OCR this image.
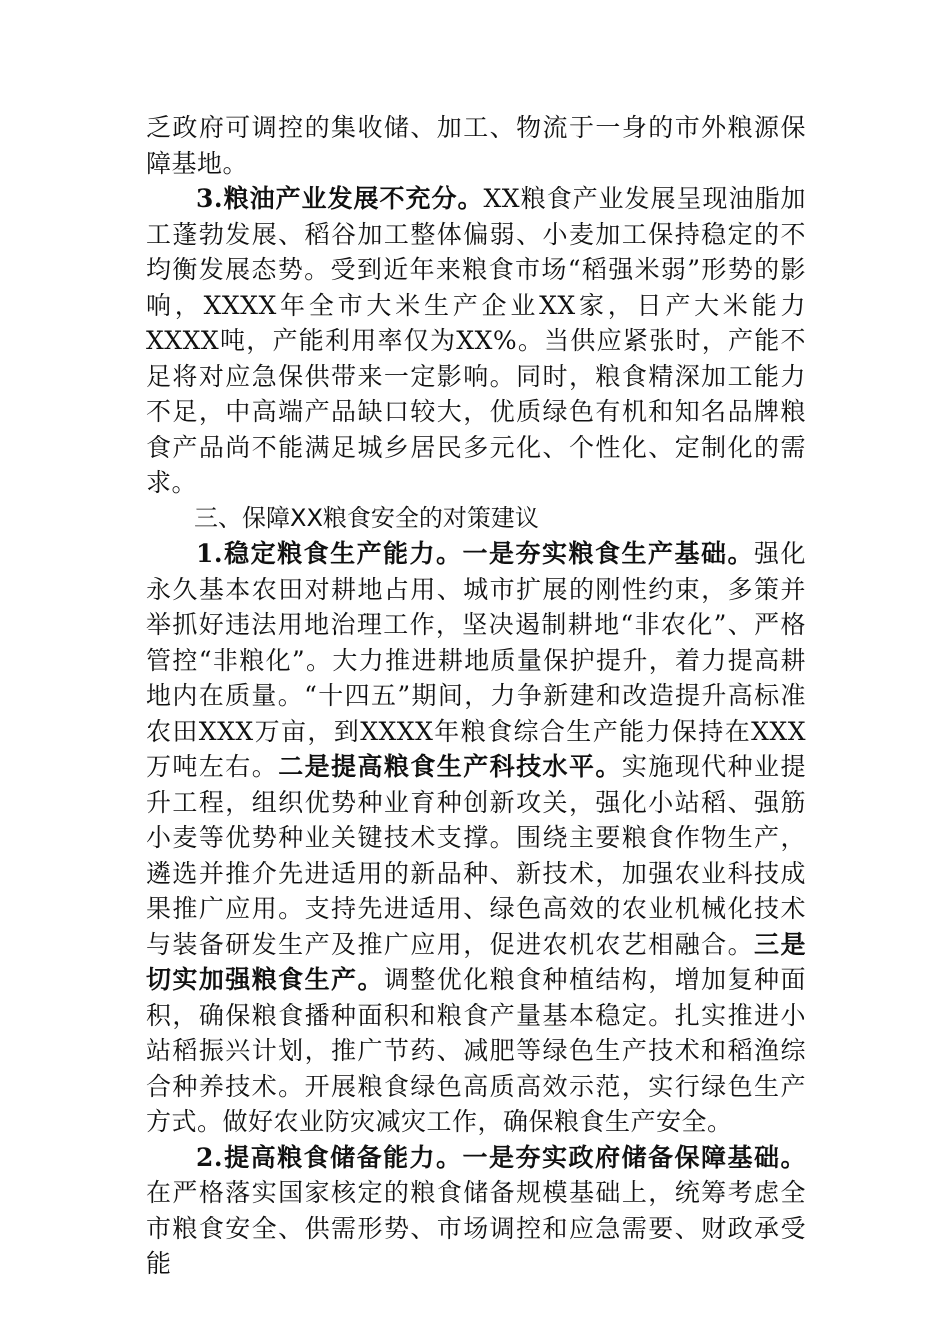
乏政府可调控的集收储、加工、物流于一身的市外粮源保障基地。

3.粮油产业发展不充分。XX粮食产业发展呈现油脂加工蓬勃发展、稻谷加工整体偏弱、小麦加工保持稳定的不均衡发展态势。受到近年来粮食市场“稻强米弱”形势的影响，XXXX年全市大米生产企业XX家，日产大米能力XXXX吨，产能利用率仅为XX%。当供应紧张时，产能不足将对应急保供带来一定影响。同时，粮食精深加工能力不足，中高端产品缺口较大，优质绿色有机和知名品牌粮食产品尚不能满足城乡居民多元化、个性化、定制化的需求。

三、保障XX粮食安全的对策建议

1.稳定粮食生产能力。一是夯实粮食生产基础。强化永久基本农田对耕地占用、城市扩展的刚性约束，多策并举抓好违法用地治理工作，坚决遏制耕地“非农化”、严格管控“非粮化”。大力推进耕地质量保护提升，着力提高耕地内在质量。“十四五”期间，力争新建和改造提升高标准农田XXX万亩，到XXXX年粮食综合生产能力保持在XXX万吨左右。二是提高粮食生产科技水平。实施现代种业提升工程，组织优势种业育种创新攻关，强化小站稻、强筋小麦等优势种业关键技术支撑。围绕主要粮食作物生产，遴选并推介先进适用的新品种、新技术，加强农业科技成果推广应用。支持先进适用、绿色高效的农业机械化技术与装备研发生产及推广应用，促进农机农艺相融合。三是切实加强粮食生产。调整优化粮食种植结构，增加复种面积，确保粮食播种面积和粮食产量基本稳定。扎实推进小站稻振兴计划，推广节药、减肥等绿色生产技术和稻渔综合种养技术。开展粮食绿色高质高效示范，实行绿色生产方式。做好农业防灾减灾工作，确保粮食生产安全。

2.提高粮食储备能力。一是夯实政府储备保障基础。在严格落实国家核定的粮食储备规模基础上，统筹考虑全市粮食安全、供需形势、市场调控和应急需要、财政承受能
